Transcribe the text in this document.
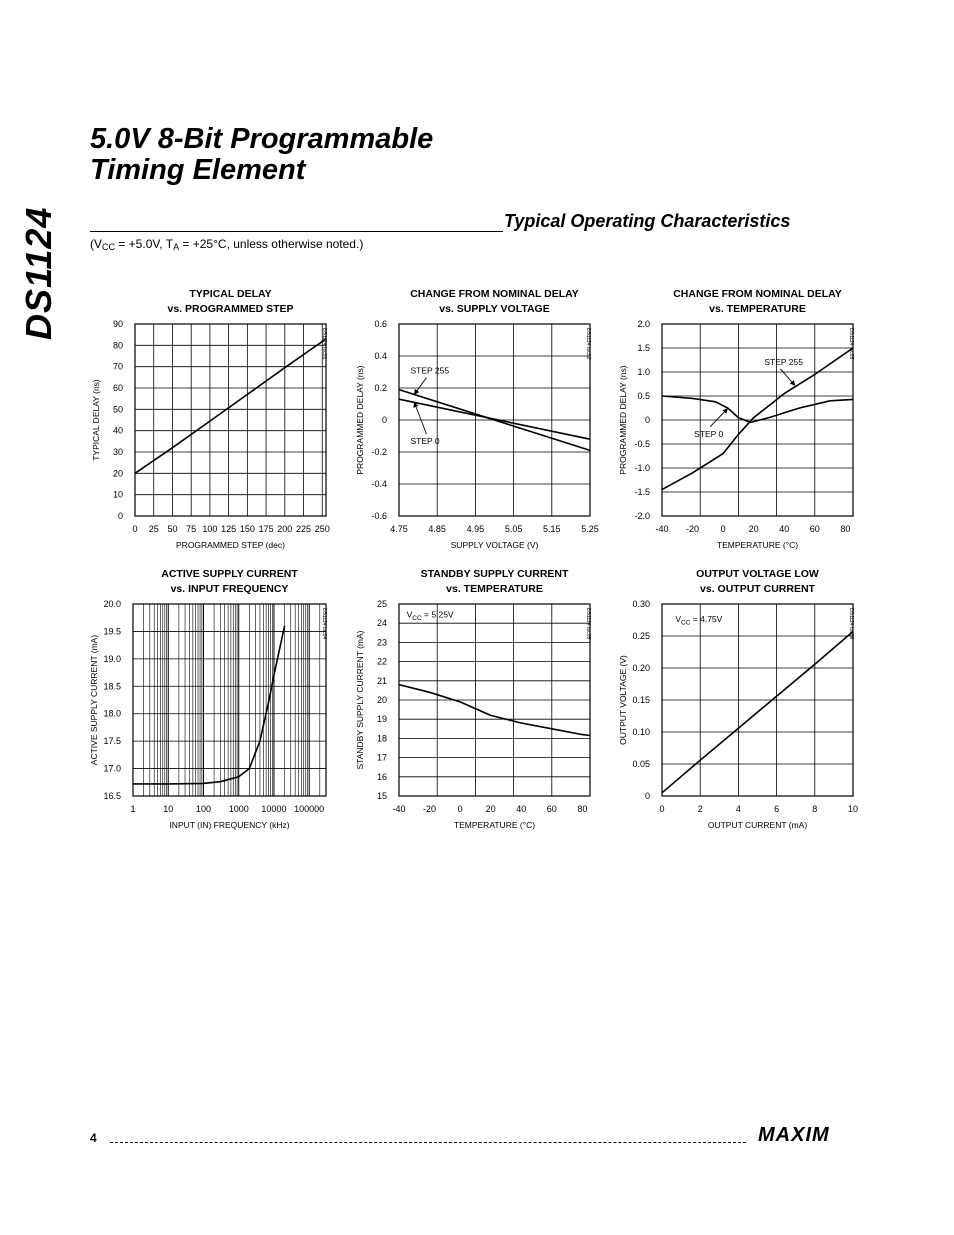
DS1124
5.0V 8-Bit Programmable
Timing Element
Typical Operating Characteristics
($V_{CC} = +5.0V$, $T_A = +25^\circ C$, unless otherwise noted.)
TYPICAL DELAY
vs. PROGRAMMED STEP
0 25 50 75 100 125 150 175 200 225 250
0
10
20
30
40
50
60
70
80
90
PROGRAMMED STEP (dec)
TYPICAL DELAY (ns)
DS1124 toc01
CHANGE FROM NOMINAL DELAY
vs. SUPPLY VOLTAGE
4.75 4.85 4.95 5.05 5.15 5.25
-0.6
-0.4
-0.2
0
0.2
0.4
0.6
SUPPLY VOLTAGE (V)
PROGRAMMED DELAY (ns)
DS1124 toc02
STEP 255
STEP 0
CHANGE FROM NOMINAL DELAY
vs. TEMPERATURE
-40 -20 0	20 40 60 80
-2.0
-1.5
-1.0
-0.5
0
0.5
1.0
1.5
2.0
TEMPERATURE (°C)
PROGRAMMED DELAY (ns)
DS1124 toc03
STEP 255
STEP 0
ACTIVE SUPPLY CURRENT
vs. INPUT FREQUENCY
1	10	100 1000 10000 100000
16.5
17.0
17.5
18.0
18.5
19.0
19.5
20.0
INPUT (IN) FREQUENCY (kHz)
ACTIVE SUPPLY CURRENT (mA)
DS1124 toc04
STANDBY SUPPLY CURRENT
vs. TEMPERATURE
-40 -20 0	20 40 60 80
15
16
17
18
19
20
21
22
23
24
25
TEMPERATURE (°C)
STANDBY SUPPLY CURRENT (mA)
DS1124 toc05
$V_{CC} = 5.25V$
OUTPUT VOLTAGE LOW
vs. OUTPUT CURRENT
0	2	4	6	8	10
0
0.05
0.10
0.15
0.20
0.25
0.30
OUTPUT CURRENT (mA)
OUTPUT VOLTAGE (V)
DS1124 toc06
$V_{CC} = 4.75V$
4	MAXIM
